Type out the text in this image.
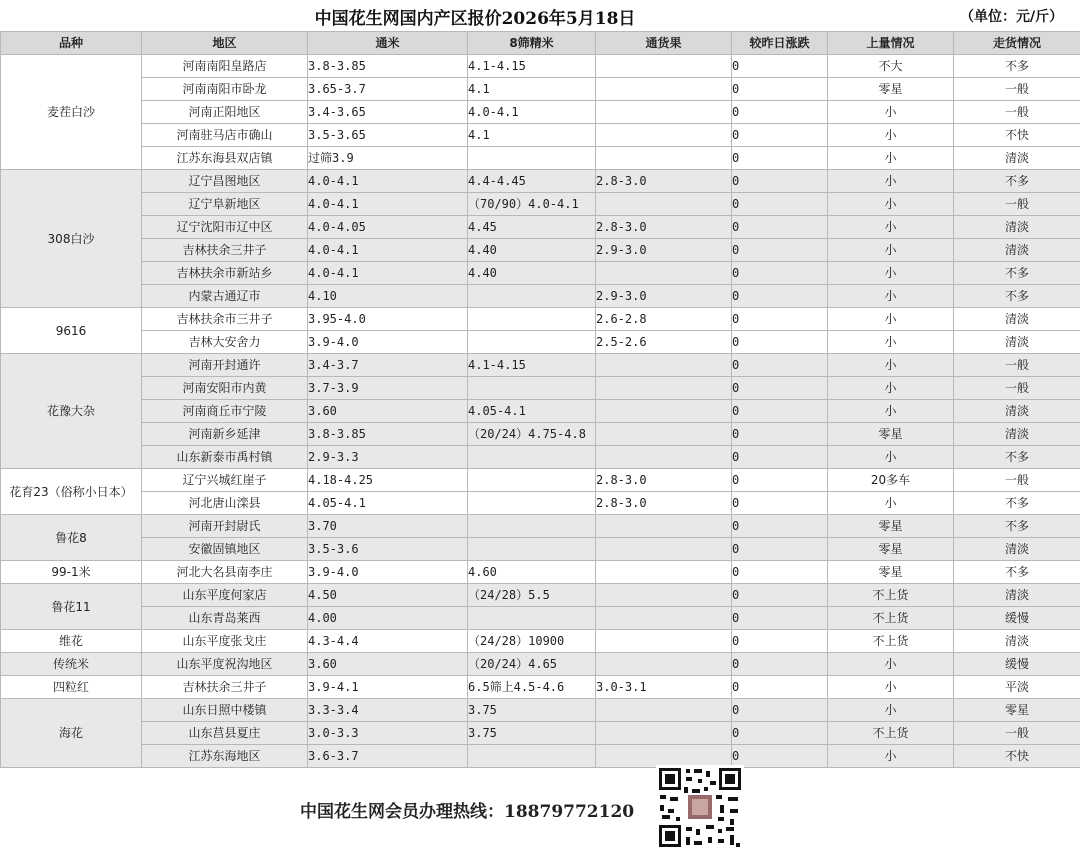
中国花生网国内产区报价2026年5月18日	（单位：元/斤）
品种	地区	通米	8筛精米	通货果	较昨日涨跌	上量情况	走货情况
麦茬白沙	河南南阳皇路店	3.8-3.85	4.1-4.15		0	不大	不多
	河南南阳市卧龙	3.65-3.7	4.1		0	零星	一般
	河南正阳地区	3.4-3.65	4.0-4.1		0	小	一般
	河南驻马店市确山	3.5-3.65	4.1		0	小	不快
	江苏东海县双店镇	过筛3.9			0	小	清淡
308白沙	辽宁昌图地区	4.0-4.1	4.4-4.45	2.8-3.0	0	小	不多
	辽宁阜新地区	4.0-4.1	（70/90）4.0-4.1		0	小	一般
	辽宁沈阳市辽中区	4.0-4.05	4.45	2.8-3.0	0	小	清淡
	吉林扶余三井子	4.0-4.1	4.40	2.9-3.0	0	小	清淡
	吉林扶余市新站乡	4.0-4.1	4.40		0	小	不多
	内蒙古通辽市	4.10		2.9-3.0	0	小	不多
9616	吉林扶余市三井子	3.95-4.0		2.6-2.8	0	小	清淡
	吉林大安舍力	3.9-4.0		2.5-2.6	0	小	清淡
花豫大杂	河南开封通许	3.4-3.7	4.1-4.15		0	小	一般
	河南安阳市内黄	3.7-3.9			0	小	一般
	河南商丘市宁陵	3.60	4.05-4.1		0	小	清淡
	河南新乡延津	3.8-3.85	（20/24）4.75-4.8		0	零星	清淡
	山东新泰市禹村镇	2.9-3.3			0	小	不多
花育23（俗称小日本）	辽宁兴城红崖子	4.18-4.25		2.8-3.0	0	20多车	一般
	河北唐山滦县	4.05-4.1		2.8-3.0	0	小	不多
鲁花8	河南开封尉氏	3.70			0	零星	不多
	安徽固镇地区	3.5-3.6			0	零星	清淡
99-1米	河北大名县南李庄	3.9-4.0	4.60		0	零星	不多
鲁花11	山东平度何家店	4.50	（24/28）5.5		0	不上货	清淡
	山东青岛莱西	4.00			0	不上货	缓慢
维花	山东平度张戈庄	4.3-4.4	（24/28）10900		0	不上货	清淡
传统米	山东平度祝沟地区	3.60	（20/24）4.65		0	小	缓慢
四粒红	吉林扶余三井子	3.9-4.1	6.5筛上4.5-4.6	3.0-3.1	0	小	平淡
海花	山东日照中楼镇	3.3-3.4	3.75		0	小	零星
	山东莒县夏庄	3.0-3.3	3.75		0	不上货	一般
	江苏东海地区	3.6-3.7			0	小	不快
中国花生网会员办理热线：18879772120
